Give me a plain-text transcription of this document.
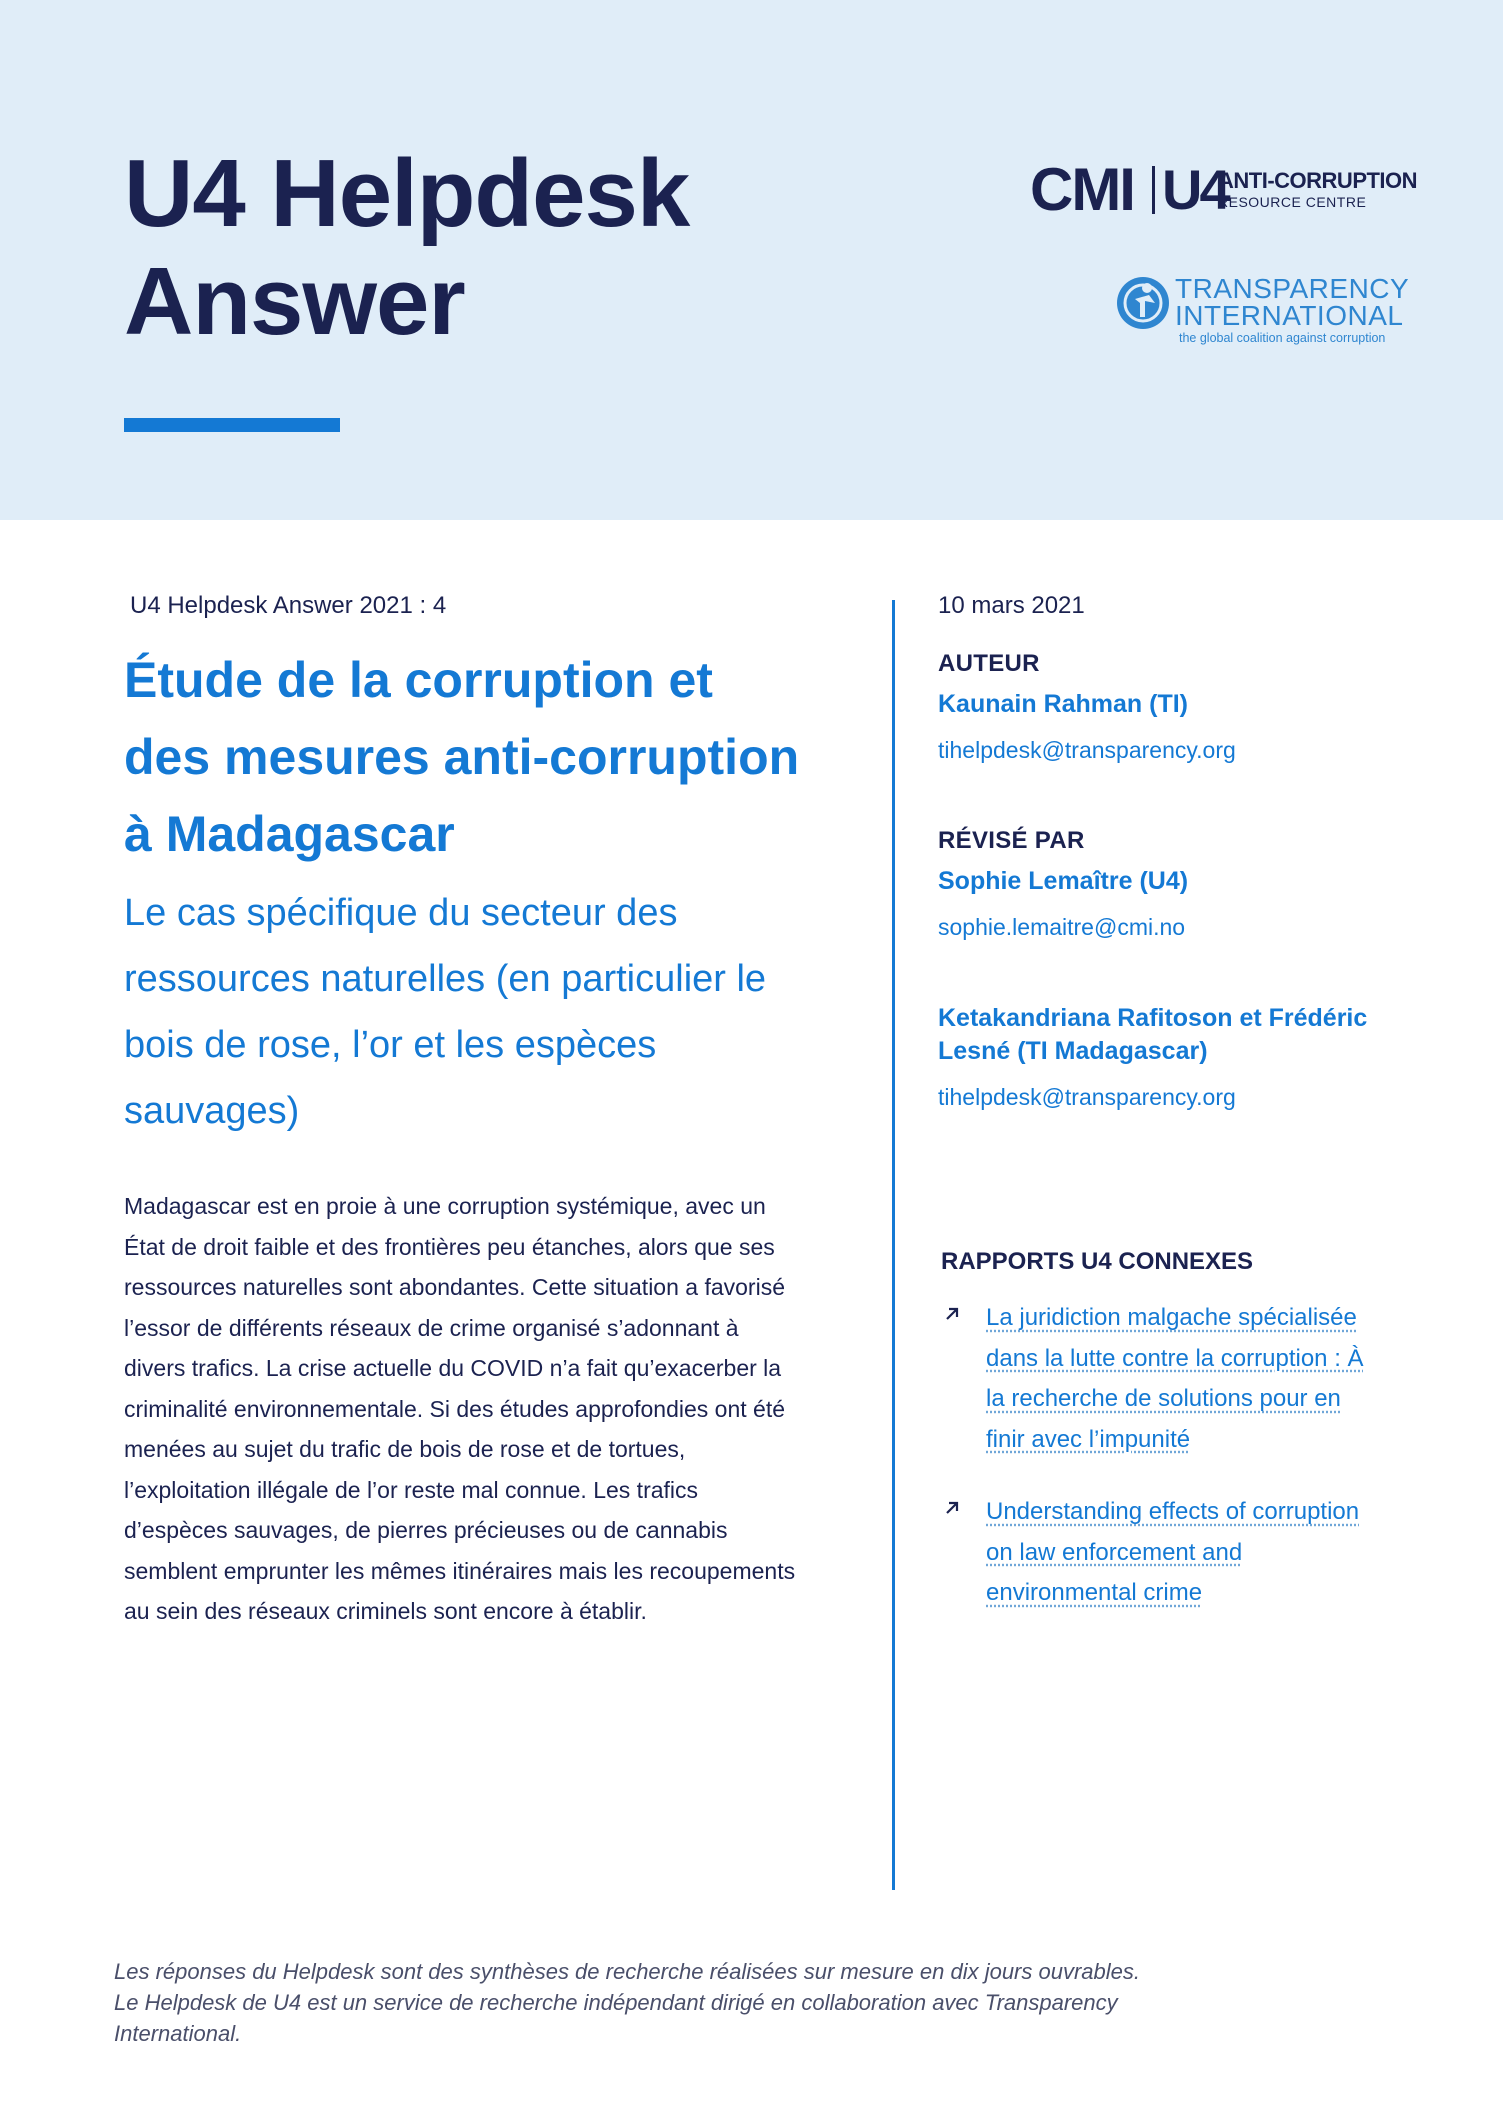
U4 Helpdesk
Answer
CMI U4
ANTI-CORRUPTION
RESOURCE CENTRE
TRANSPARENCY
INTERNATIONAL
the global coalition against corruption
U4 Helpdesk Answer 2021 : 4
Étude de la corruption et des mesures anti-corruption à Madagascar
Le cas spécifique du secteur des ressources naturelles (en particulier le bois de rose, l’or et les espèces sauvages)

Madagascar est en proie à une corruption systémique, avec un État de droit faible et des frontières peu étanches, alors que ses ressources naturelles sont abondantes. Cette situation a favorisé l’essor de différents réseaux de crime organisé s’adonnant à divers trafics. La crise actuelle du COVID n’a fait qu’exacerber la criminalité environnementale. Si des études approfondies ont été menées au sujet du trafic de bois de rose et de tortues, l’exploitation illégale de l’or reste mal connue. Les trafics d’espèces sauvages, de pierres précieuses ou de cannabis semblent emprunter les mêmes itinéraires mais les recoupements au sein des réseaux criminels sont encore à établir.

10 mars 2021
AUTEUR
Kaunain Rahman (TI)
tihelpdesk@transparency.org
RÉVISÉ PAR
Sophie Lemaître (U4)
sophie.lemaitre@cmi.no
Ketakandriana Rafitoson et Frédéric Lesné (TI Madagascar)
tihelpdesk@transparency.org
RAPPORTS U4 CONNEXES

La juridiction malgache spécialisée dans la lutte contre la corruption : À la recherche de solutions pour en finir avec l’impunité

Understanding effects of corruption on law enforcement and environmental crime

Les réponses du Helpdesk sont des synthèses de recherche réalisées sur mesure en dix jours ouvrables.
Le Helpdesk de U4 est un service de recherche indépendant dirigé en collaboration avec Transparency International.
